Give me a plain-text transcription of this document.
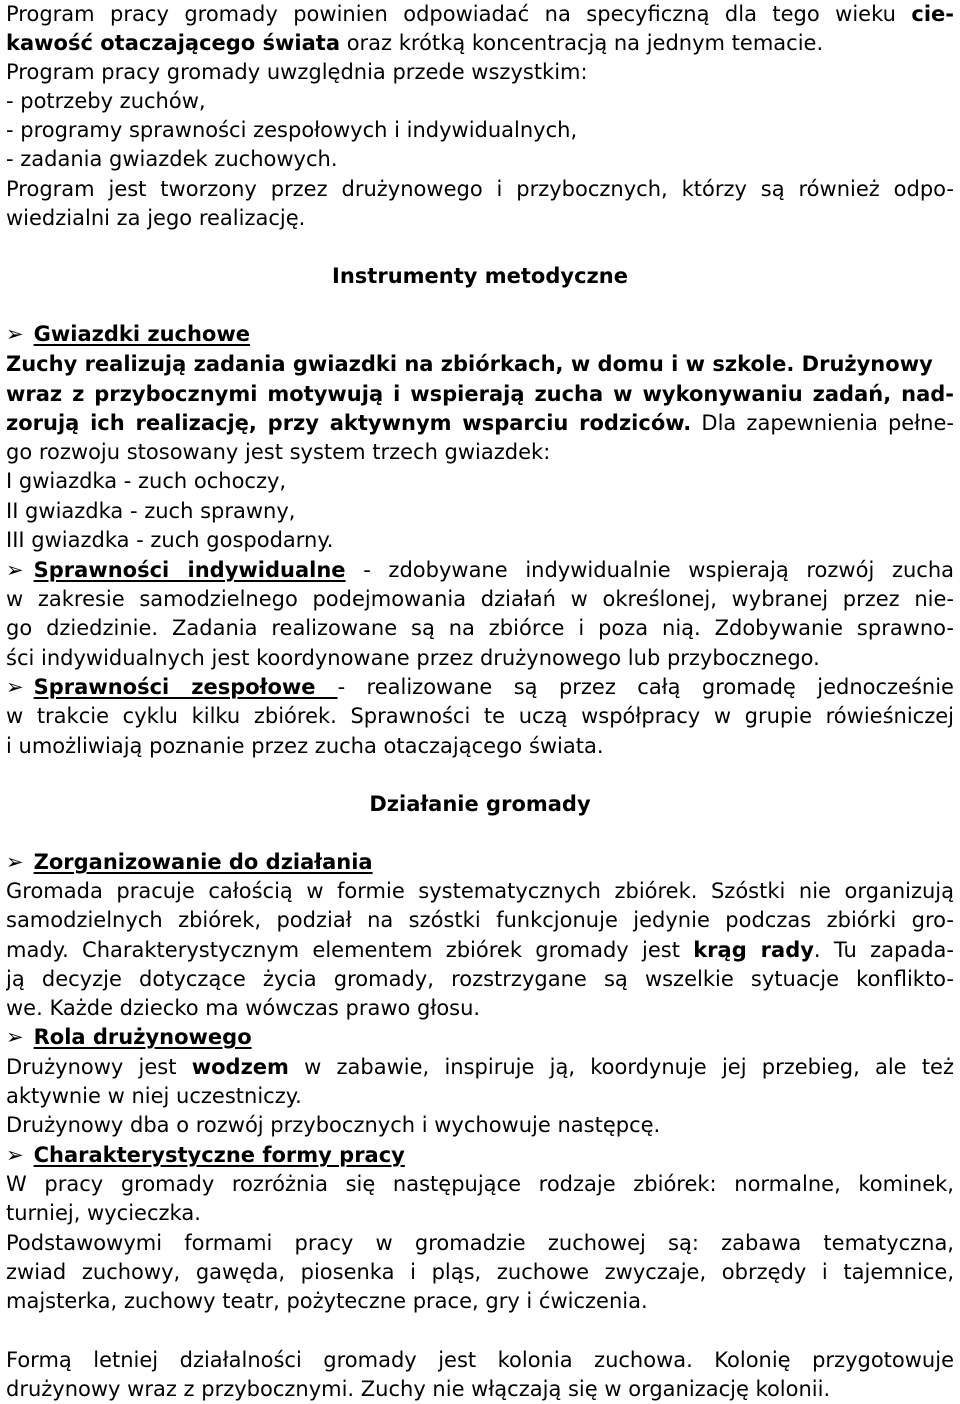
Program pracy gromady powinien odpowiadać na specyficzną dla tego wieku cie-
kawość otaczającego świata oraz krótką koncentracją na jednym temacie.
Program pracy gromady uwzględnia przede wszystkim:
- potrzeby zuchów,
- programy sprawności zespołowych i indywidualnych,
- zadania gwiazdek zuchowych.
Program jest tworzony przez drużynowego i przybocznych, którzy są również odpo-
wiedzialni za jego realizację.
Instrumenty metodyczne
➢ Gwiazdki zuchowe
Zuchy realizują zadania gwiazdki na zbiórkach, w domu i w szkole. Drużynowy
wraz z przybocznymi motywują i wspierają zucha w wykonywaniu zadań, nad-
zorują ich realizację, przy aktywnym wsparciu rodziców. Dla zapewnienia pełne-
go rozwoju stosowany jest system trzech gwiazdek:
I gwiazdka - zuch ochoczy,
II gwiazdka - zuch sprawny,
III gwiazdka - zuch gospodarny.
➢ Sprawności indywidualne - zdobywane indywidualnie wspierają rozwój zucha
w zakresie samodzielnego podejmowania działań w określonej, wybranej przez nie-
go dziedzinie. Zadania realizowane są na zbiórce i poza nią. Zdobywanie sprawno-
ści indywidualnych jest koordynowane przez drużynowego lub przybocznego.
➢ Sprawności zespołowe - realizowane są przez całą gromadę jednocześnie
w trakcie cyklu kilku zbiórek. Sprawności te uczą współpracy w grupie rówieśniczej
i umożliwiają poznanie przez zucha otaczającego świata.
Działanie gromady
➢ Zorganizowanie do działania
Gromada pracuje całością w formie systematycznych zbiórek. Szóstki nie organizują
samodzielnych zbiórek, podział na szóstki funkcjonuje jedynie podczas zbiórki gro-
mady. Charakterystycznym elementem zbiórek gromady jest krąg rady. Tu zapada-
ją decyzje dotyczące życia gromady, rozstrzygane są wszelkie sytuacje konflikto-
we. Każde dziecko ma wówczas prawo głosu.
➢ Rola drużynowego
Drużynowy jest wodzem w zabawie, inspiruje ją, koordynuje jej przebieg, ale też
aktywnie w niej uczestniczy.
Drużynowy dba o rozwój przybocznych i wychowuje następcę.
➢ Charakterystyczne formy pracy
W pracy gromady rozróżnia się następujące rodzaje zbiórek: normalne, kominek,
turniej, wycieczka.
Podstawowymi formami pracy w gromadzie zuchowej są: zabawa tematyczna,
zwiad zuchowy, gawęda, piosenka i pląs, zuchowe zwyczaje, obrzędy i tajemnice,
majsterka, zuchowy teatr, pożyteczne prace, gry i ćwiczenia.
Formą letniej działalności gromady jest kolonia zuchowa. Kolonię przygotowuje
drużynowy wraz z przybocznymi. Zuchy nie włączają się w organizację kolonii.
